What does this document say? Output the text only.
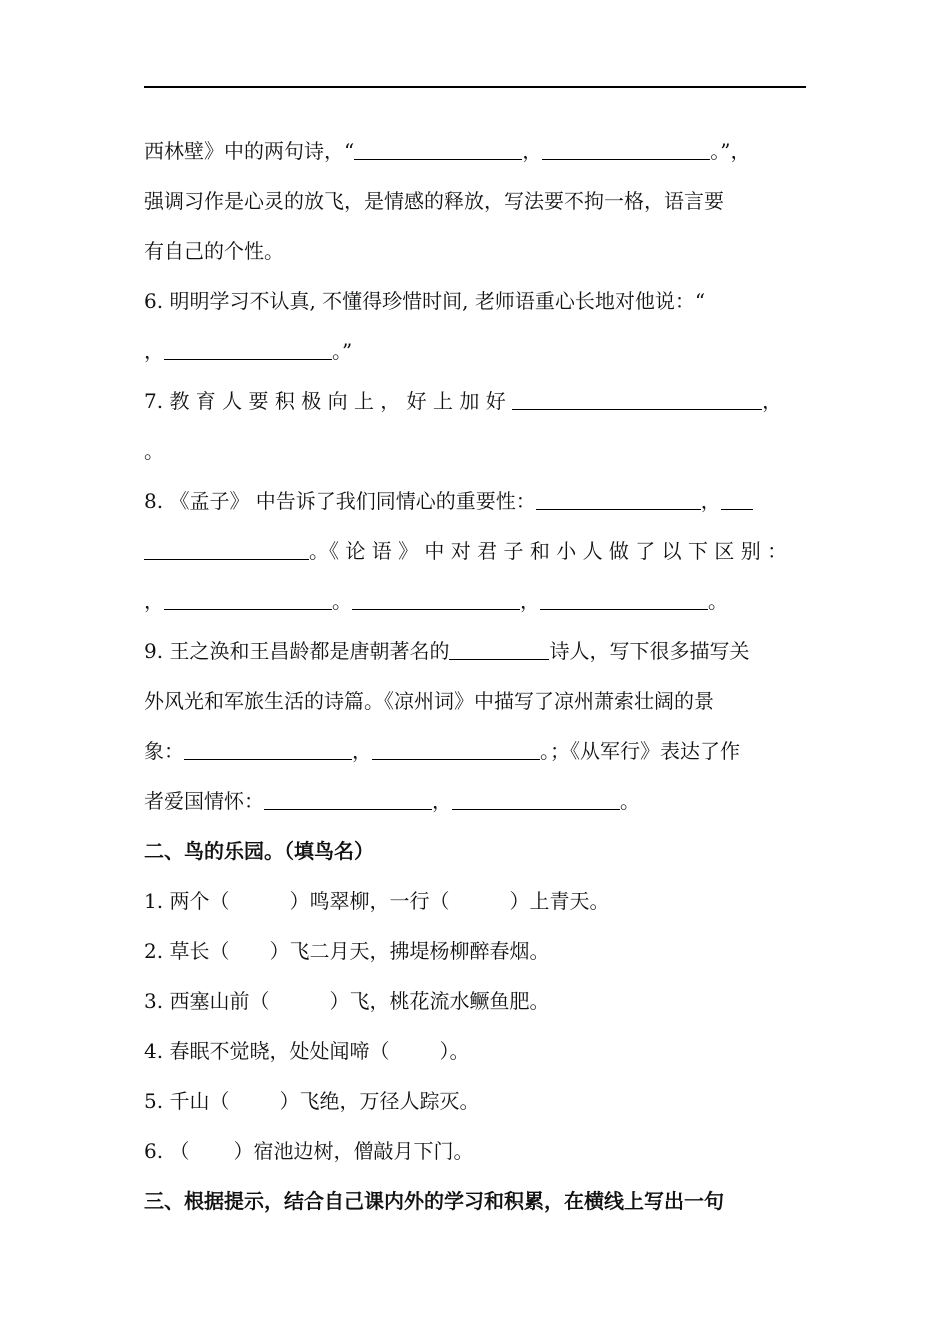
西林壁》中的两句诗，“	，	。”，
强调习作是心灵的放飞，是情感的释放，写法要不拘一格，语言要
有自己的个性。
6. 明明学习不认真, 不懂得珍惜时间, 老师语重心长地对他说：“
，	。”
7. 教 育 人 要 积 极 向 上 ， 好 上 加 好	，
。
8. 《孟子》 中告诉了我们同情心的重要性：	，
。《 论 语 》 中 对 君 子 和 小 人 做 了 以 下 区 别 ：
，	。	，	。
9. 王之涣和王昌龄都是唐朝著名的	诗人，写下很多描写关
外风光和军旅生活的诗篇。《凉州词》中描写了凉州萧索壮阔的景
象：	，	。；《从军行》表达了作
者爱国情怀：	，	。
二、鸟的乐园。（填鸟名）
1. 两个（	）鸣翠柳，一行（	）上青天。
2. 草长（ ）飞二月天，拂堤杨柳醉春烟。
3. 西塞山前（	）飞，桃花流水鳜鱼肥。
4. 春眠不觉晓，处处闻啼（	）。
5. 千山（	）飞绝，万径人踪灭。
6. （ ）宿池边树，僧敲月下门。
三、根据提示，结合自己课内外的学习和积累，在横线上写出一句
